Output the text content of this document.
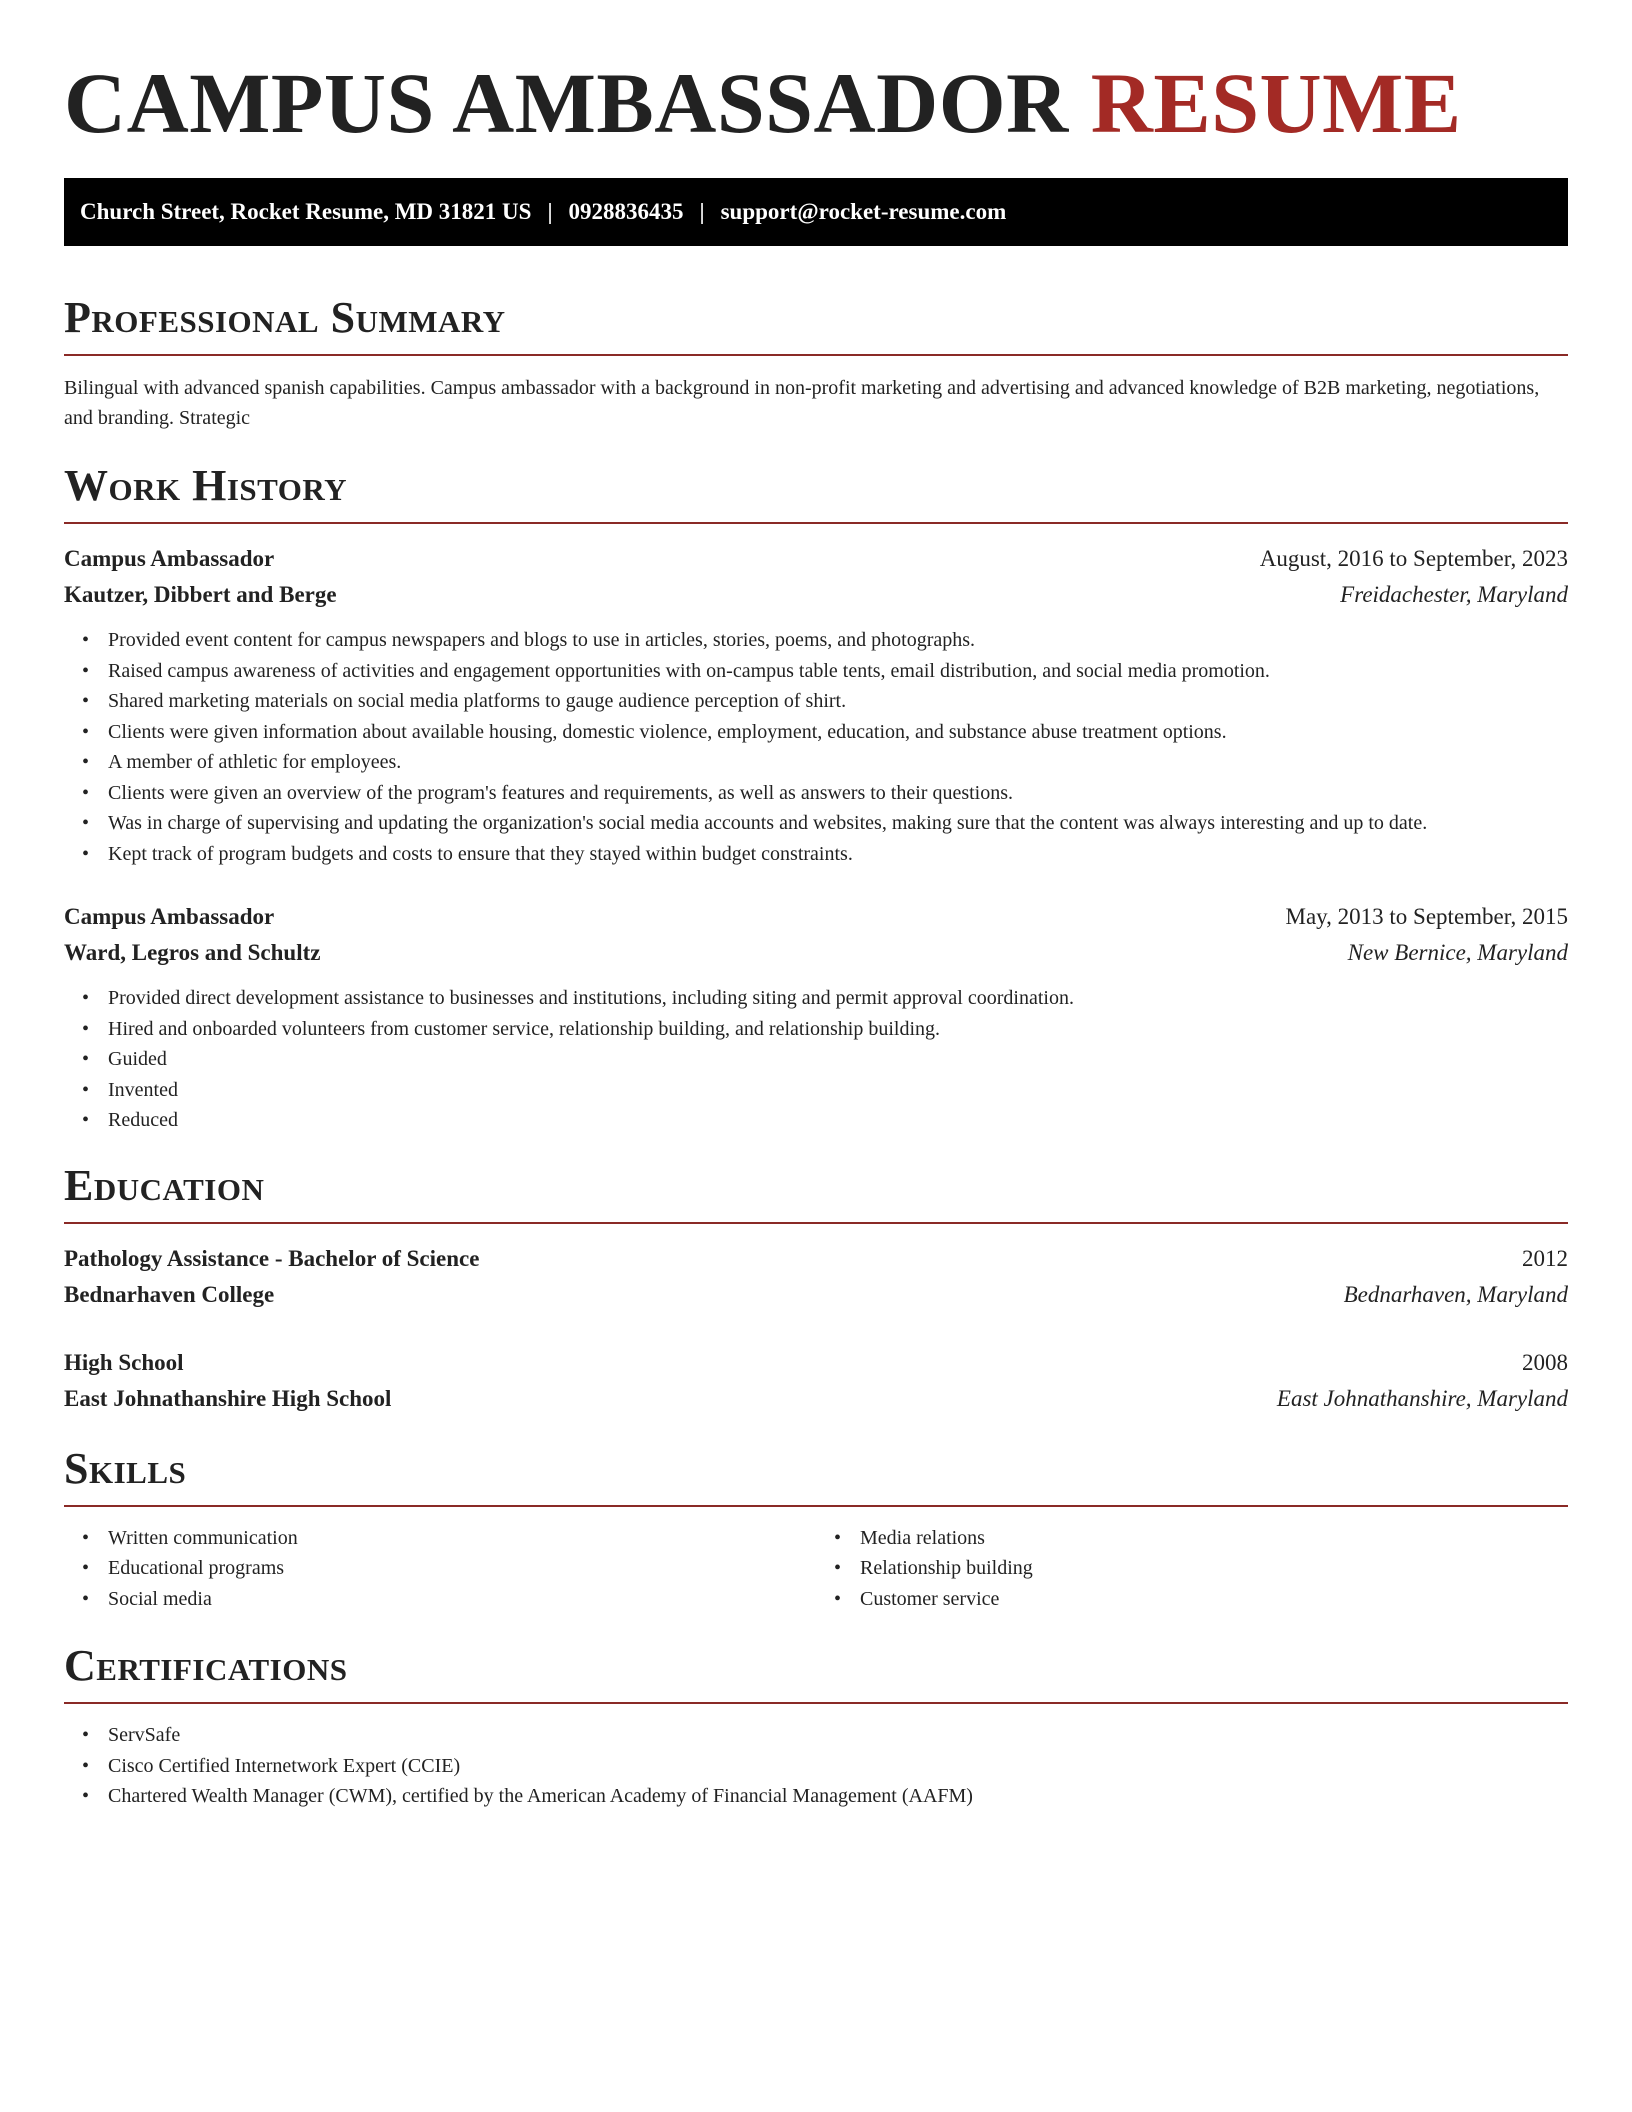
CAMPUS AMBASSADOR RESUME
Church Street, Rocket Resume, MD 31821 US | 0928836435 | support@rocket-resume.com
Professional Summary

Bilingual with advanced spanish capabilities. Campus ambassador with a background in non-profit marketing and advertising and advanced knowledge of B2B marketing, negotiations, and branding. Strategic

Work History
Campus Ambassador	August, 2016 to September, 2023
Kautzer, Dibbert and Berge	Freidachester, Maryland
• Provided event content for campus newspapers and blogs to use in articles, stories, poems, and photographs.
• Raised campus awareness of activities and engagement opportunities with on-campus table tents, email distribution, and social media promotion.
• Shared marketing materials on social media platforms to gauge audience perception of shirt.
• Clients were given information about available housing, domestic violence, employment, education, and substance abuse treatment options.
• A member of athletic for employees.
• Clients were given an overview of the program's features and requirements, as well as answers to their questions.
• Was in charge of supervising and updating the organization's social media accounts and websites, making sure that the content was always interesting and up to date.
• Kept track of program budgets and costs to ensure that they stayed within budget constraints.
Campus Ambassador	May, 2013 to September, 2015
Ward, Legros and Schultz	New Bernice, Maryland
• Provided direct development assistance to businesses and institutions, including siting and permit approval coordination.
• Hired and onboarded volunteers from customer service, relationship building, and relationship building.
• Guided
• Invented
• Reduced
Education
Pathology Assistance - Bachelor of Science	2012
Bednarhaven College	Bednarhaven, Maryland
High School	2008
East Johnathanshire High School	East Johnathanshire, Maryland
Skills
• Written communication
• Educational programs
• Social media
• Media relations
• Relationship building
• Customer service
Certifications
• ServSafe
• Cisco Certified Internetwork Expert (CCIE)
• Chartered Wealth Manager (CWM), certified by the American Academy of Financial Management (AAFM)
